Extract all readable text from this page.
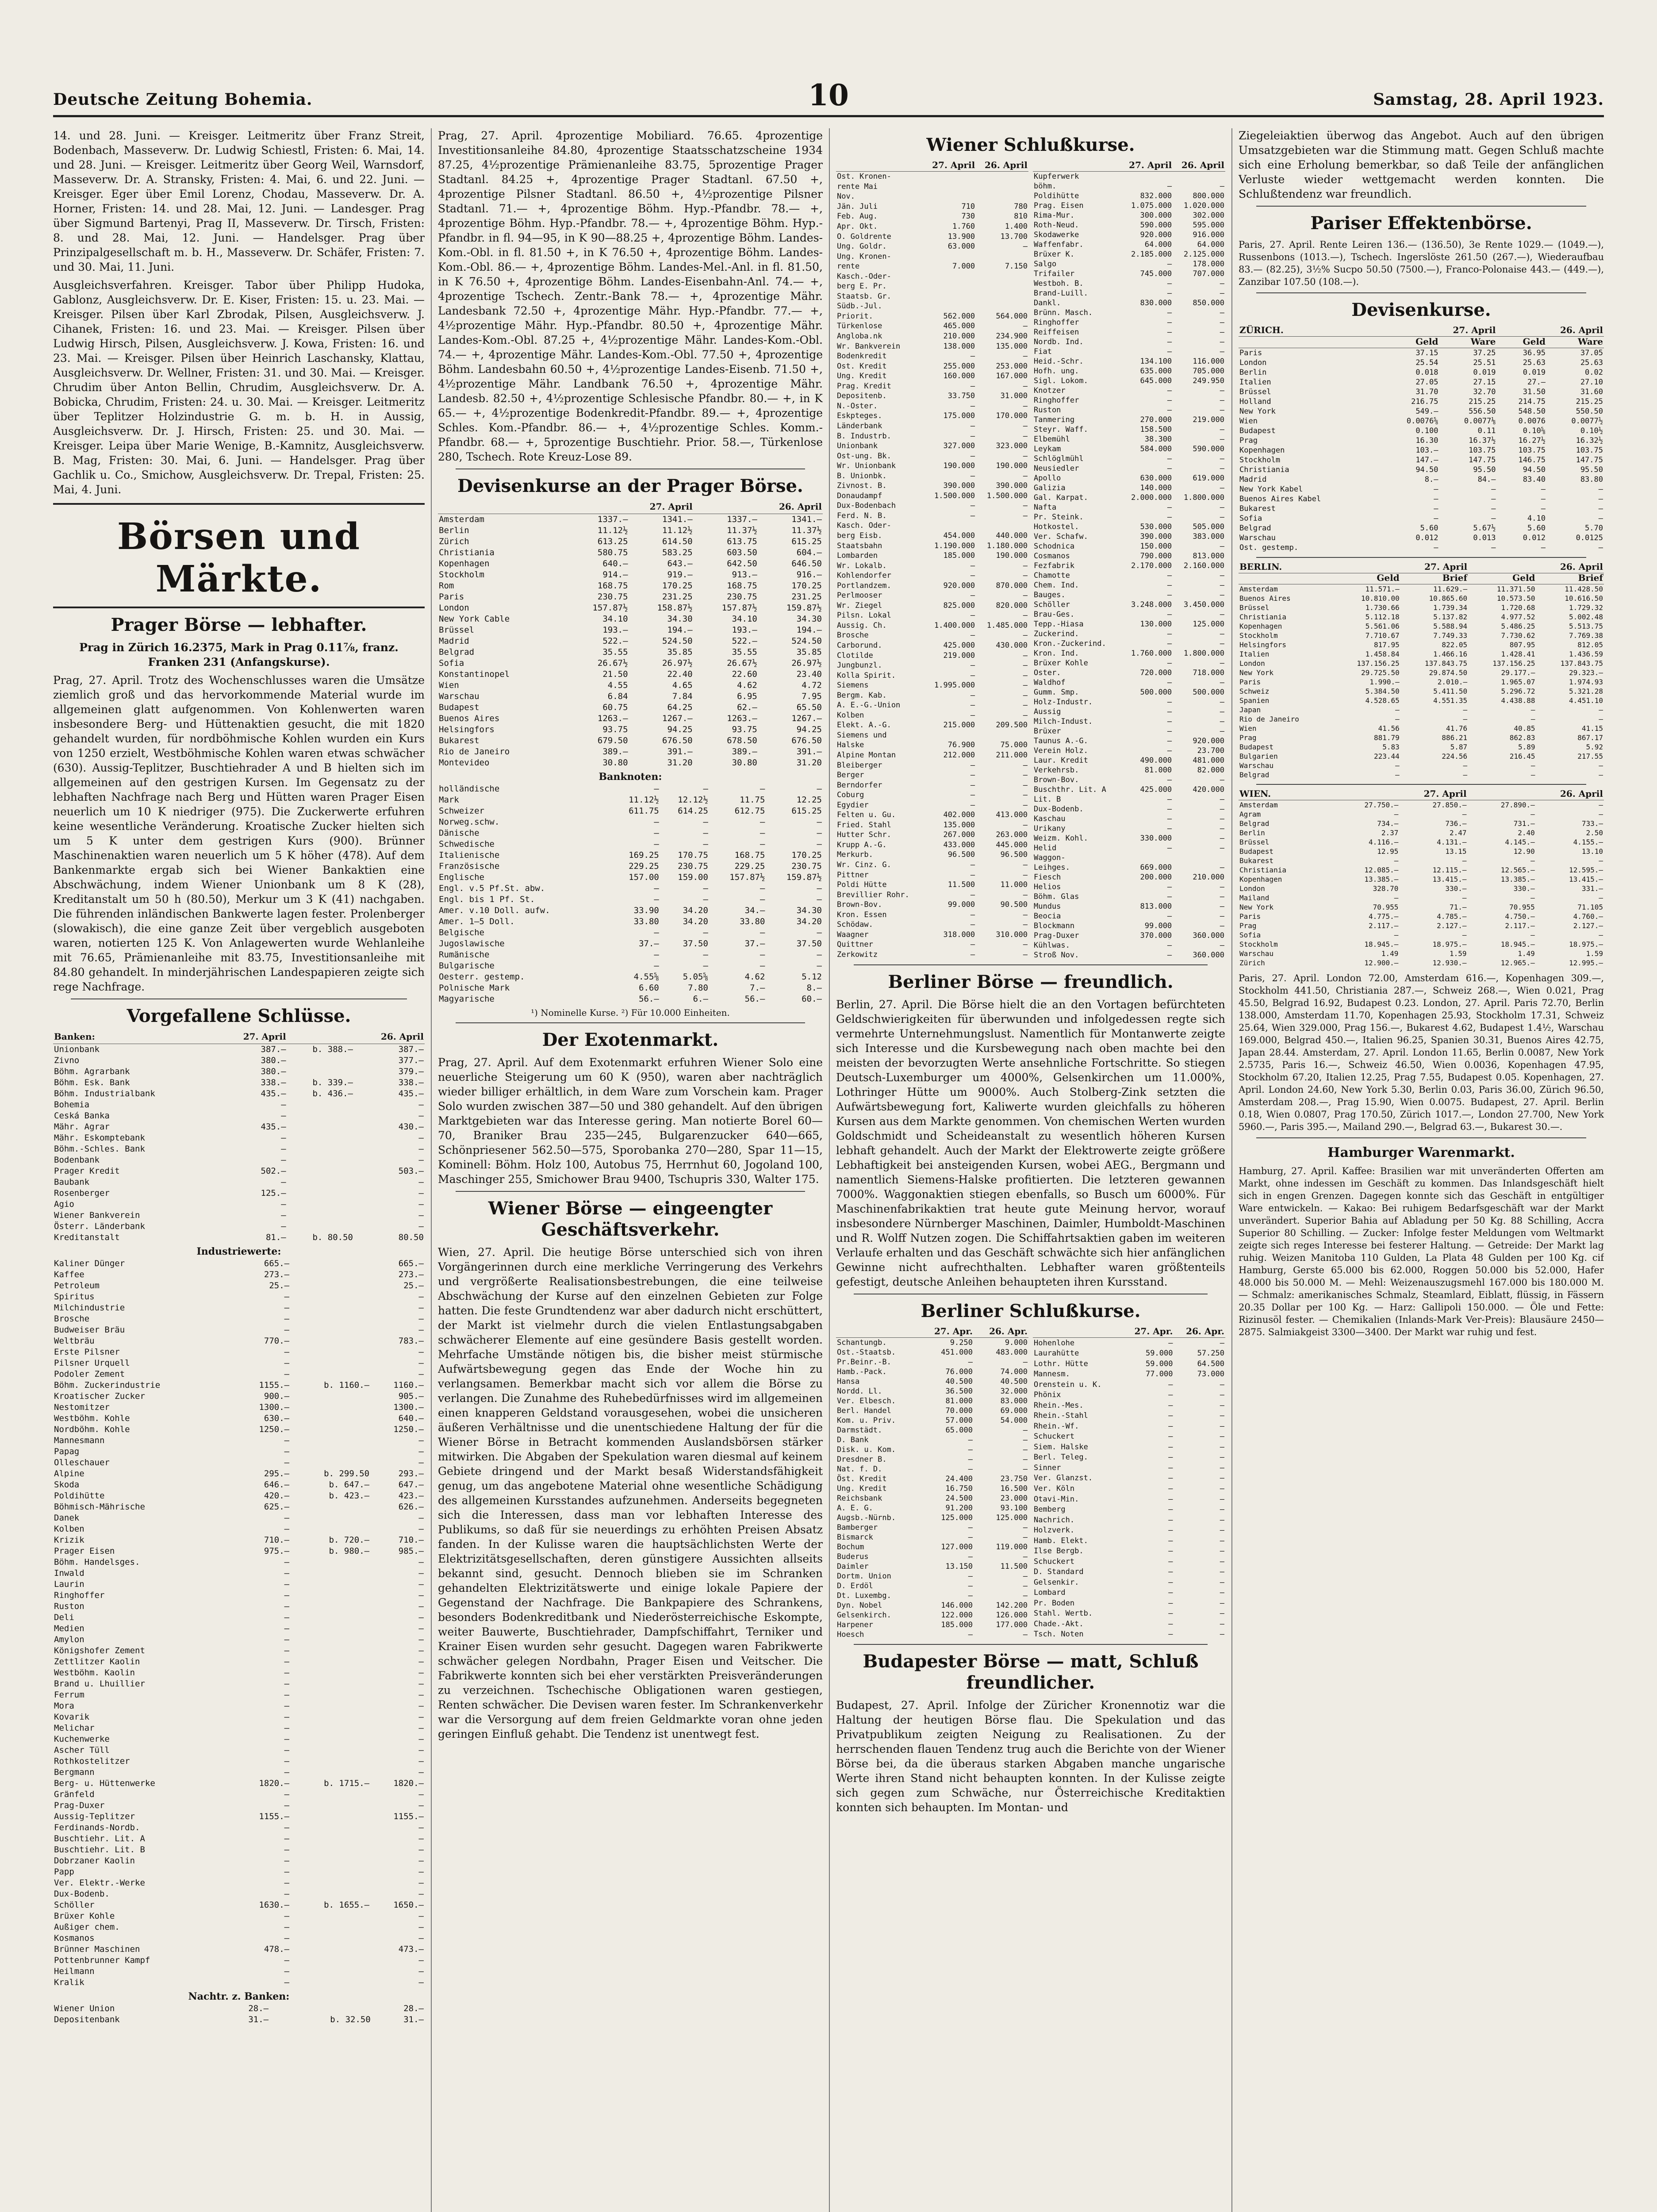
Deutsche Zeitung Bohemia.	10	Samstag, 28. April 1923.

14. und 28. Juni. — Kreisger. Leitmeritz über Franz Streit, Bodenbach, Masseverw. Dr. Ludwig Schiestl, Fristen: 6. Mai, 14. und 28. Juni. — Kreisger. Leitmeritz über Georg Weil, Warnsdorf, Masseverw. Dr. A. Stransky, Fristen: 4. Mai, 6. und 22. Juni. — Kreisger. Eger über Emil Lorenz, Chodau, Masseverw. Dr. A. Horner, Fristen: 14. und 28. Mai, 12. Juni. — Landesger. Prag über Sigmund Bartenyi, Prag II, Masseverw. Dr. Tirsch, Fristen: 8. und 28. Mai, 12. Juni. — Handelsger. Prag über Prinzipalgesellschaft m. b. H., Masseverw. Dr. Schäfer, Fristen: 7. und 30. Mai, 11. Juni.

Ausgleichsverfahren. Kreisger. Tabor über Philipp Hudoka, Gablonz, Ausgleichsverw. Dr. E. Kiser, Fristen: 15. u. 23. Mai. — Kreisger. Pilsen über Karl Zbrodak, Pilsen, Ausgleichsverw. J. Cihanek, Fristen: 16. und 23. Mai. — Kreisger. Pilsen über Ludwig Hirsch, Pilsen, Ausgleichsverw. J. Kowa, Fristen: 16. und 23. Mai. — Kreisger. Pilsen über Heinrich Laschansky, Klattau, Ausgleichsverw. Dr. Wellner, Fristen: 31. und 30. Mai. — Kreisger. Chrudim über Anton Bellin, Chrudim, Ausgleichsverw. Dr. A. Bobicka, Chrudim, Fristen: 24. u. 30. Mai. — Kreisger. Leitmeritz über Teplitzer Holzindustrie G. m. b. H. in Aussig, Ausgleichsverw. Dr. J. Hirsch, Fristen: 25. und 30. Mai. — Kreisger. Leipa über Marie Wenige, B.-Kamnitz, Ausgleichsverw. B. Mag, Fristen: 30. Mai, 6. Juni. — Handelsger. Prag über Gachlik u. Co., Smichow, Ausgleichsverw. Dr. Trepal, Fristen: 25. Mai, 4. Juni.

Börsen und Märkte.
Prager Börse — lebhafter.

Prag in Zürich 16.2375, Mark in Prag 0.11⁷⁄₈, franz. Franken 231 (Anfangskurse).

Prag, 27. April. Trotz des Wochenschlusses waren die Umsätze ziemlich groß und das hervorkommende Material wurde im allgemeinen glatt aufgenommen. Von Kohlenwerten waren insbesondere Berg- und Hüttenaktien gesucht, die mit 1820 gehandelt wurden, für nordböhmische Kohlen wurden ein Kurs von 1250 erzielt, Westböhmische Kohlen waren etwas schwächer (630). Aussig-Teplitzer, Buschtiehrader A und B hielten sich im allgemeinen auf den gestrigen Kursen. Im Gegensatz zu der lebhaften Nachfrage nach Berg und Hütten waren Prager Eisen neuerlich um 10 K niedriger (975). Die Zuckerwerte erfuhren keine wesentliche Veränderung. Kroatische Zucker hielten sich um 5 K unter dem gestrigen Kurs (900). Brünner Maschinenaktien waren neuerlich um 5 K höher (478). Auf dem Bankenmarkte ergab sich bei Wiener Bankaktien eine Abschwächung, indem Wiener Unionbank um 8 K (28), Kreditanstalt um 50 h (80.50), Merkur um 3 K (41) nachgaben. Die führenden inländischen Bankwerte lagen fester. Prolenberger (slowakisch), die eine ganze Zeit über vergeblich ausgeboten waren, notierten 125 K. Von Anlagewerten wurde Wehlanleihe mit 76.65, Prämienanleihe mit 83.75, Investitionsanleihe mit 84.80 gehandelt. In minderjährischen Landespapieren zeigte sich rege Nachfrage.

Vorgefallene Schlüsse.
Banken:	27. April		26. April
Unionbank	387.—	b. 388.—	387.—
Zivno	380.—		377.—
Böhm. Agrarbank	380.—		379.—
Böhm. Esk. Bank	338.—	b. 339.—	338.—
Böhm. Industrialbank	435.—	b. 436.—	435.—
Bohemia	—		—
Ceská Banka	—		—
Mähr. Agrar	435.—		430.—
Mähr. Eskomptebank	—		—
Böhm.-Schles. Bank	—		—
Bodenbank	—		—
Prager Kredit	502.—		503.—
Baubank	—		—
Rosenberger	125.—		—
Agio	—		—
Wiener Bankverein	—		—
Österr. Länderbank	—		—
Kreditanstalt	81.—	b. 80.50	80.50
Industriewerte:
Kaliner Dünger	665.—		665.—
Kaffee	273.—		273.—
Petroleum	25.—		25.—
Spiritus	—		—
Milchindustrie	—		—
Brosche	—		—
Budweiser Bräu	—		—
Weltbräu	770.—		783.—
Erste Pilsner	—		—
Pilsner Urquell	—		—
Podoler Zement	—		—
Böhm. Zuckerindustrie	1155.—	b. 1160.—	1160.—
Kroatischer Zucker	900.—		905.—
Nestomitzer	1300.—		1300.—
Westböhm. Kohle	630.—		640.—
Nordböhm. Kohle	1250.—		1250.—
Mannesmann	—		—
Papag	—		—
Olleschauer	—		—
Alpine	295.—	b. 299.50	293.—
Skoda	646.—	b. 647.—	647.—
Poldihütte	420.—	b. 423.—	423.—
Böhmisch-Mährische	625.—		626.—
Danek	—		—
Kolben	—		—
Krizik	710.—	b. 720.—	710.—
Prager Eisen	975.—	b. 980.—	985.—
Böhm. Handelsges.	—		—
Inwald	—		—
Laurin	—		—
Ringhoffer	—		—
Ruston	—		—
Deli	—		—
Medien	—		—
Amylon	—		—
Königshofer Zement	—		—
Zettlitzer Kaolin	—		—
Westböhm. Kaolin	—		—
Brand u. Lhuillier	—		—
Ferrum	—		—
Mora	—		—
Kovarik	—		—
Melichar	—		—
Kuchenwerke	—		—
Ascher Tüll	—		—
Rothkostelitzer	—		—
Bergmann	—		—
Berg- u. Hüttenwerke	1820.—	b. 1715.—	1820.—
Gränfeld	—		—
Prag-Duxer	—		—
Aussig-Teplitzer	1155.—		1155.—
Ferdinands-Nordb.	—		—
Buschtiehr. Lit. A	—		—
Buschtiehr. Lit. B	—		—
Dobrzaner Kaolin	—		—
Papp	—		—
Ver. Elektr.-Werke	—		—
Dux-Bodenb.	—		—
Schöller	1630.—	b. 1655.—	1650.—
Brüxer Kohle	—		—
Außiger chem.	—		—
Kosmanos	—		—
Brünner Maschinen	478.—		473.—
Pottenbrunner Kampf	—		—
Heilmann	—		—
Kralik	—		—
Nachtr. z. Banken:
Wiener Union	28.—		28.—
Depositenbank	31.—	b. 32.50	31.—

Prag, 27. April. 4prozentige Mobiliard. 76.65. 4prozentige Investitionsanleihe 84.80, 4prozentige Staatsschatzscheine 1934 87.25, 4½prozentige Prämienanleihe 83.75, 5prozentige Prager Stadtanl. 84.25 +, 4prozentige Prager Stadtanl. 67.50 +, 4prozentige Pilsner Stadtanl. 86.50 +, 4½prozentige Pilsner Stadtanl. 71.— +, 4prozentige Böhm. Hyp.-Pfandbr. 78.— +, 4prozentige Böhm. Hyp.-Pfandbr. 78.— +, 4prozentige Böhm. Hyp.-Pfandbr. in fl. 94—95, in K 90—88.25 +, 4prozentige Böhm. Landes-Kom.-Obl. in fl. 81.50 +, in K 76.50 +, 4prozentige Böhm. Landes-Kom.-Obl. 86.— +, 4prozentige Böhm. Landes-Mel.-Anl. in fl. 81.50, in K 76.50 +, 4prozentige Böhm. Landes-Eisenbahn-Anl. 74.— +, 4prozentige Tschech. Zentr.-Bank 78.— +, 4prozentige Mähr. Landesbank 72.50 +, 4prozentige Mähr. Hyp.-Pfandbr. 77.— +, 4½prozentige Mähr. Hyp.-Pfandbr. 80.50 +, 4prozentige Mähr. Landes-Kom.-Obl. 87.25 +, 4½prozentige Mähr. Landes-Kom.-Obl. 74.— +, 4prozentige Mähr. Landes-Kom.-Obl. 77.50 +, 4prozentige Böhm. Landesbahn 60.50 +, 4½prozentige Landes-Eisenb. 71.50 +, 4½prozentige Mähr. Landbank 76.50 +, 4prozentige Mähr. Landesb. 82.50 +, 4½prozentige Schlesische Pfandbr. 80.— +, in K 65.— +, 4½prozentige Bodenkredit-Pfandbr. 89.— +, 4prozentige Schles. Kom.-Pfandbr. 86.— +, 4½prozentige Schles. Komm.-Pfandbr. 68.— +, 5prozentige Buschtiehr. Prior. 58.—, Türkenlose 280, Tschech. Rote Kreuz-Lose 89.

Devisenkurse an der Prager Börse.
	27. April		26. April	
Amsterdam	1337.—	1341.—	1337.—	1341.—
Berlin	11.12½	11.12½	11.37½	11.37½
Zürich	613.25	614.50	613.75	615.25
Christiania	580.75	583.25	603.50	604.—
Kopenhagen	640.—	643.—	642.50	646.50
Stockholm	914.—	919.—	913.—	916.—
Rom	168.75	170.25	168.75	170.25
Paris	230.75	231.25	230.75	231.25
London	157.87½	158.87½	157.87½	159.87½
New York Cable	34.10	34.30	34.10	34.30
Brüssel	193.—	194.—	193.—	194.—
Madrid	522.—	524.50	522.—	524.50
Belgrad	35.55	35.85	35.55	35.85
Sofia	26.67½	26.97½	26.67½	26.97½
Konstantinopel	21.50	22.40	22.60	23.40
Wien	4.55	4.65	4.62	4.72
Warschau	6.84	7.84	6.95	7.95
Budapest	60.75	64.25	62.—	65.50
Buenos Aires	1263.—	1267.—	1263.—	1267.—
Helsingfors	93.75	94.25	93.75	94.25
Bukarest	679.50	676.50	678.50	676.50
Rio de Janeiro	389.—	391.—	389.—	391.—
Montevideo	30.80	31.20	30.80	31.20
Banknoten:
holländische	—	—	—	—
Mark	11.12½	12.12½	11.75	12.25
Schweizer	611.75	614.25	612.75	615.25
Norweg.schw.	—	—	—	—
Dänische	—	—	—	—
Schwedische	—	—	—	—
Italienische	169.25	170.75	168.75	170.25
Französische	229.25	230.75	229.25	230.75
Englische	157.00	159.00	157.87½	159.87½
Engl. v.5 Pf.St. abw.	—	—	—	—
Engl. bis 1 Pf. St.	—	—	—	—
Amer. v.10 Doll. aufw.	33.90	34.20	34.—	34.30
Amer. 1—5 Doll.	33.80	34.20	33.80	34.20
Belgische	—	—	—	—
Jugoslawische	37.—	37.50	37.—	37.50
Rumänische	—	—	—	—
Bulgarische	—	—	—	—
Oesterr. gestemp.	4.55⅝	5.05⅝	4.62	5.12
Polnische Mark	6.60	7.80	7.—	8.—
Magyarische	56.—	6.—	56.—	60.—

¹) Nominelle Kurse. ²) Für 10.000 Einheiten.

Der Exotenmarkt.

Prag, 27. April. Auf dem Exotenmarkt erfuhren Wiener Solo eine neuerliche Steigerung um 60 K (950), waren aber nachträglich wieder billiger erhältlich, in dem Ware zum Vorschein kam. Prager Solo wurden zwischen 387—50 und 380 gehandelt. Auf den übrigen Marktgebieten war das Interesse gering. Man notierte Borel 60—70, Braniker Brau 235—245, Bulgarenzucker 640—665, Schönpriesener 562.50—575, Sporobanka 270—280, Spar 11—15, Kominell: Böhm. Holz 100, Autobus 75, Herrnhut 60, Jogoland 100, Maschinger 255, Smichower Brau 9400, Tschupris 330, Walter 175.

Wiener Börse — eingeengter Geschäftsverkehr.

Wien, 27. April. Die heutige Börse unterschied sich von ihren Vorgängerinnen durch eine merkliche Verringerung des Verkehrs und vergrößerte Realisationsbestrebungen, die eine teilweise Abschwächung der Kurse auf den einzelnen Gebieten zur Folge hatten. Die feste Grundtendenz war aber dadurch nicht erschüttert, der Markt ist vielmehr durch die vielen Entlastungsabgaben schwächerer Elemente auf eine gesündere Basis gestellt worden. Mehrfache Umstände nötigen bis, die bisher meist stürmische Aufwärtsbewegung gegen das Ende der Woche hin zu verlangsamen. Bemerkbar macht sich vor allem die Börse zu verlangen. Die Zunahme des Ruhebedürfnisses wird im allgemeinen einen knapperen Geldstand vorausgesehen, wobei die unsicheren äußeren Verhältnisse und die unentschiedene Haltung der für die Wiener Börse in Betracht kommenden Auslandsbörsen stärker mitwirken. Die Abgaben der Spekulation waren diesmal auf keinem Gebiete dringend und der Markt besaß Widerstandsfähigkeit genug, um das angebotene Material ohne wesentliche Schädigung des allgemeinen Kursstandes aufzunehmen. Anderseits begegneten sich die Interessen, dass man vor lebhaften Interesse des Publikums, so daß für sie neuerdings zu erhöhten Preisen Absatz fanden. In der Kulisse waren die hauptsächlichsten Werte der Elektrizitätsgesellschaften, deren günstigere Aussichten allseits bekannt sind, gesucht. Dennoch blieben sie im Schranken gehandelten Elektrizitätswerte und einige lokale Papiere der Gegenstand der Nachfrage. Die Bankpapiere des Schrankens, besonders Bodenkreditbank und Niederösterreichische Eskompte, weiter Bauwerte, Buschtiehrader, Dampfschiffahrt, Terniker und Krainer Eisen wurden sehr gesucht. Dagegen waren Fabrikwerte schwächer gelegen Nordbahn, Prager Eisen und Veitscher. Die Fabrikwerte konnten sich bei eher verstärkten Preisveränderungen zu verzeichnen. Tschechische Obligationen waren gestiegen, Renten schwächer. Die Devisen waren fester. Im Schrankenverkehr war die Versorgung auf dem freien Geldmarkte voran ohne jeden geringen Einfluß gehabt. Die Tendenz ist unentwegt fest.

Wiener Schlußkurse.
	27. April	26. April
Ost. Kronen-		
rente Mai		
Nov.		
Jän. Juli	710	780
Feb. Aug.	730	810
Apr. Okt.	1.760	1.400
O. Goldrente	13.900	13.700
Ung. Goldr.	63.000	—
Ung. Kronen-		
rente	7.000	7.150
Kasch.-Oder-		
berg E. Pr.		
Staatsb. Gr.		
Südb.-Jul.		
Priorit.	562.000	564.000
Türkenlose	465.000	—
Angloba.nk	210.000	234.900
Wr. Bankverein	138.000	135.000
Bodenkredit	—	—
Ost. Kredit	255.000	253.000
Ung. Kredit	160.000	167.000
Prag. Kredit	—	—
Depositenb.	33.750	31.000
N.-Oster.	—	—
Eskpteges.	175.000	170.000
Länderbank	—	—
B. Industrb.	—	—
Unionbank	327.000	323.000
Ost-ung. Bk.	—	—
Wr. Unionbank	190.000	190.000
B. Unionbk.	—	—
Zivnost. B.	390.000	390.000
Donaudampf	1.500.000	1.500.000
Dux-Bodenbach	—	—
Ferd. N. B.	—	—
Kasch. Oder-		
berg Eisb.	454.000	440.000
Staatsbahn	1.190.000	1.180.000
Lombarden	185.000	190.000
Wr. Lokalb.	—	—
Kohlendorfer	—	—
Portlandzem.	920.000	870.000
Perlmooser	—	—
Wr. Ziegel	825.000	820.000
Pilsn. Lokal	—	—
Aussig. Ch.	1.400.000	1.485.000
Brosche	—	—
Carborund.	425.000	430.000
Clotilde	219.000	—
Jungbunzl.	—	—
Kolla Spirit.	—	—
Siemens	1.995.000	—
Bergm. Kab.	—	—
A. E.-G.-Union	—	—
Kolben	—	—
Elekt. A.-G.	215.000	209.500
Siemens und		
Halske	76.900	75.000
Alpine Montan	212.000	211.000
Bleiberger	—	—
Berger	—	—
Berndorfer	—	—
Coburg	—	—
Egydier	—	—
Felten u. Gu.	402.000	413.000
Fried. Stahl	135.000	—
Hutter Schr.	267.000	263.000
Krupp A.-G.	433.000	445.000
Merkurb.	96.500	96.500
Wr. Cinz. G.	—	—
Pittner	—	—
Poldi Hütte	11.500	11.000
Brevillier Rohr.	—	—
Brown-Bov.	99.000	90.500
Kron. Essen	—	—
Schödaw.	—	—
Waagner	318.000	310.000
Quittner	—	—
Zerkowitz	—	—
	27. April	26. April
Kupferwerk		
böhm.	—	—
Poldihütte	832.000	800.000
Prag. Eisen	1.075.000	1.020.000
Rima-Mur.	300.000	302.000
Roth-Neud.	590.000	595.000
Skodawerke	920.000	916.000
Waffenfabr.	64.000	64.000
Brüxer K.	2.185.000	2.125.000
Salgo	—	178.000
Trifailer	745.000	707.000
Westboh. B.	—	—
Brand-Luill.	—	—
Dankl.	830.000	850.000
Brünn. Masch.	—	—
Ringhoffer	—	—
Reiffeisen	—	—
Nordb. Ind.	—	—
Fiat	—	—
Heid.-Schr.	134.100	116.000
Hofh. ung.	635.000	705.000
Sigl. Lokom.	645.000	249.950
Knotzer	—	—
Ringhoffer	—	—
Ruston	—	—
Tanmering	270.000	219.000
Steyr. Waff.	158.500	—
Elbemühl	38.300	—
Leykam	584.000	590.000
Schlöglmühl	—	—
Neusiedler	—	—
Apollo	630.000	619.000
Galizia	140.000	—
Gal. Karpat.	2.000.000	1.800.000
Nafta	—	—
Pr. Steink.	—	—
Hotkostel.	530.000	505.000
Ver. Schafw.	390.000	383.000
Schodnica	150.000	—
Cosmanos	790.000	813.000
Fezfabrik	2.170.000	2.160.000
Chamotte	—	—
Chem. Ind.	—	—
Bauges.	—	—
Schöller	3.248.000	3.450.000
Brau-Ges.	—	—
Tepp.-Hiasa	130.000	125.000
Zuckerind.	—	—
Kron.-Zuckerind.	—	—
Kron. Ind.	1.760.000	1.800.000
Brüxer Kohle	—	—
Oster.	720.000	718.000
Waldhof	—	—
Gumm. Smp.	500.000	500.000
Holz-Industr.	—	—
Aussig	—	—
Milch-Indust.	—	—
Brüxer	—	—
Taunus A.-G.	—	920.000
Verein Holz.	—	23.700
Laur. Kredit	490.000	481.000
Verkehrsb.	81.000	82.000
Brown-Bov.	—	—
Buschthr. Lit. A	425.000	420.000
Lit. B	—	—
Dux-Bodenb.	—	—
Kaschau	—	—
Urikany	—	—
Weizm. Kohl.	330.000	—
Helid	—	—
Waggon-		
Leihges.	669.000	—
Fiesch	200.000	210.000
Helios	—	—
Böhm. Glas	—	—
Mundus	813.000	—
Beocia	—	—
Blockmann	99.000	—
Prag-Duxer	370.000	360.000
Kühlwas.	—	—
Stroß Nov.	—	360.000
Berliner Börse — freundlich.

Berlin, 27. April. Die Börse hielt die an den Vortagen befürchteten Geldschwierigkeiten für überwunden und infolgedessen regte sich vermehrte Unternehmungslust. Namentlich für Montanwerte zeigte sich Interesse und die Kursbewegung nach oben machte bei den meisten der bevorzugten Werte ansehnliche Fortschritte. So stiegen Deutsch-Luxemburger um 4000%, Gelsenkirchen um 11.000%, Lothringer Hütte um 9000%. Auch Stolberg-Zink setzten die Aufwärtsbewegung fort, Kaliwerte wurden gleichfalls zu höheren Kursen aus dem Markte genommen. Von chemischen Werten wurden Goldschmidt und Scheideanstalt zu wesentlich höheren Kursen lebhaft gehandelt. Auch der Markt der Elektrowerte zeigte größere Lebhaftigkeit bei ansteigenden Kursen, wobei AEG., Bergmann und namentlich Siemens-Halske profitierten. Die letzteren gewannen 7000%. Waggonaktien stiegen ebenfalls, so Busch um 6000%. Für Maschinenfabrikaktien trat heute gute Meinung hervor, worauf insbesondere Nürnberger Maschinen, Daimler, Humboldt-Maschinen und R. Wolff Nutzen zogen. Die Schiffahrtsaktien gaben im weiteren Verlaufe erhalten und das Geschäft schwächte sich hier anfänglichen Gewinne nicht aufrechthalten. Lebhafter waren größtenteils gefestigt, deutsche Anleihen behaupteten ihren Kursstand.

Berliner Schlußkurse.
	27. Apr.	26. Apr.
Schantungb.	9.250	9.000
Ost.-Staatsb.	451.000	483.000
Pr.Beinr.-B.	—	—
Hamb.-Pack.	76.000	74.000
Hansa	40.500	40.500
Nordd. Ll.	36.500	32.000
Ver. Elbesch.	81.000	83.000
Berl. Handel	70.000	69.000
Kom. u. Priv.	57.000	54.000
Darmstädt.	65.000	—
D. Bank	—	—
Disk. u. Kom.	—	—
Dresdner B.	—	—
Nat. f. D.	—	—
Öst. Kredit	24.400	23.750
Ung. Kredit	16.750	16.500
Reichsbank	24.500	23.000
A. E. G.	91.200	93.100
Augsb.-Nürnb.	125.000	125.000
Bamberger	—	—
Bismarck	—	—
Bochum	127.000	119.000
Buderus	—	—
Daimler	13.150	11.500
Dortm. Union	—	—
D. Erdöl	—	—
Dt. Luxembg.	—	—
Dyn. Nobel	146.000	142.200
Gelsenkirch.	122.000	126.000
Harpener	185.000	177.000
Hoesch	—	—
	27. Apr.	26. Apr.
Hohenlohe	—	—
Laurahütte	59.000	57.250
Lothr. Hütte	59.000	64.500
Mannesm.	77.000	73.000
Orenstein u. K.	—	—
Phönix	—	—
Rhein.-Mes.	—	—
Rhein.-Stahl	—	—
Rhein.-Wf.	—	—
Schuckert	—	—
Siem. Halske	—	—
Berl. Teleg.	—	—
Sinner	—	—
Ver. Glanzst.	—	—
Ver. Köln	—	—
Otavi-Min.	—	—
Bemberg	—	—
Nachrich.	—	—
Holzverk.	—	—
Hamb. Elekt.	—	—
Ilse Bergb.	—	—
Schuckert	—	—
D. Standard	—	—
Gelsenkir.	—	—
Lombard	—	—
Pr. Boden	—	—
Stahl. Wertb.	—	—
Chade.-Akt.	—	—
Tsch. Noten	—	—
Budapester Börse — matt, Schluß freundlicher.

Budapest, 27. April. Infolge der Züricher Kronennotiz war die Haltung der heutigen Börse flau. Die Spekulation und das Privatpublikum zeigten Neigung zu Realisationen. Zu der herrschenden flauen Tendenz trug auch die Berichte von der Wiener Börse bei, da die überaus starken Abgaben manche ungarische Werte ihren Stand nicht behaupten konnten. In der Kulisse zeigte sich gegen zum Schwäche, nur Österreichische Kreditaktien konnten sich behaupten. Im Montan- und

Ziegeleiaktien überwog das Angebot. Auch auf den übrigen Umsatzgebieten war die Stimmung matt. Gegen Schluß machte sich eine Erholung bemerkbar, so daß Teile der anfänglichen Verluste wieder wettgemacht werden konnten. Die Schlußtendenz war freundlich.

Pariser Effektenbörse.

Paris, 27. April. Rente Leiren 136.— (136.50), 3e Rente 1029.— (1049.—), Russenbons (1013.—), Tschech. Ingerslöste 261.50 (267.—), Wiederaufbau 83.— (82.25), 3½% Sucpo 50.50 (7500.—), Franco-Polonaise 443.— (449.—), Zanzibar 107.50 (108.—).

Devisenkurse.
ZÜRICH.	27. April		26. April	
	Geld	Ware	Geld	Ware
Paris	37.15	37.25	36.95	37.05
London	25.54	25.51	25.63	25.63
Berlin	0.018	0.019	0.019	0.02
Italien	27.05	27.15	27.—	27.10
Brüssel	31.70	32.70	31.50	31.60
Holland	216.75	215.25	214.75	215.25
New York	549.—	556.50	548.50	550.50
Wien	0.0076⅝	0.0077⅛	0.0076	0.0077½
Budapest	0.100	0.11	0.10⅝	0.10½
Prag	16.30	16.37½	16.27½	16.32½
Kopenhagen	103.—	103.75	103.75	103.75
Stockholm	147.—	147.75	146.75	147.75
Christiania	94.50	95.50	94.50	95.50
Madrid	8.—	84.—	83.40	83.80
New York Kabel	—	—	—	—
Buenos Aires Kabel	—	—	—	—
Bukarest	—	—	—	—
Sofia	—	—	4.10	—
Belgrad	5.60	5.67½	5.60	5.70
Warschau	0.012	0.013	0.012	0.0125
Ost. gestemp.	—	—	—	—
BERLIN.	27. April		26. April	
	Geld	Brief	Geld	Brief
Amsterdam	11.571.—	11.629.—	11.371.50	11.428.50
Buenos Aires	10.810.00	10.865.60	10.573.50	10.616.50
Brüssel	1.730.66	1.739.34	1.720.68	1.729.32
Christiania	5.112.18	5.137.82	4.977.52	5.002.48
Kopenhagen	5.561.06	5.588.94	5.486.25	5.513.75
Stockholm	7.710.67	7.749.33	7.730.62	7.769.38
Helsingfors	817.95	822.05	807.95	812.05
Italien	1.458.84	1.466.16	1.428.41	1.436.59
London	137.156.25	137.843.75	137.156.25	137.843.75
New York	29.725.50	29.874.50	29.177.—	29.323.—
Paris	1.990.—	2.010.—	1.965.07	1.974.93
Schweiz	5.384.50	5.411.50	5.296.72	5.321.28
Spanien	4.528.65	4.551.35	4.438.88	4.451.10
Japan	—	—	—	—
Rio de Janeiro	—	—	—	—
Wien	41.56	41.76	40.85	41.15
Prag	881.79	886.21	862.83	867.17
Budapest	5.83	5.87	5.89	5.92
Bulgarien	223.44	224.56	216.45	217.55
Warschau	—	—	—	—
Belgrad	—	—	—	—
WIEN.	27. April		26. April	
Amsterdam	27.750.—	27.850.—	27.890.—	—
Agram	—	—	—	—
Belgrad	734.—	736.—	731.—	733.—
Berlin	2.37	2.47	2.40	2.50
Brüssel	4.116.—	4.131.—	4.145.—	4.155.—
Budapest	12.95	13.15	12.90	13.10
Bukarest	—	—	—	—
Christiania	12.085.—	12.115.—	12.565.—	12.595.—
Kopenhagen	13.385.—	13.415.—	13.385.—	13.415.—
London	328.70	330.—	330.—	331.—
Mailand	—	—	—	—
New York	70.955	71.—	70.955	71.105
Paris	4.775.—	4.785.—	4.750.—	4.760.—
Prag	2.117.—	2.127.—	2.117.—	2.127.—
Sofia	—	—	—	—
Stockholm	18.945.—	18.975.—	18.945.—	18.975.—
Warschau	1.49	1.59	1.49	1.59
Zürich	12.900.—	12.930.—	12.965.—	12.995.—

Paris, 27. April. London 72.00, Amsterdam 616.—, Kopenhagen 309.—, Stockholm 441.50, Christiania 287.—, Schweiz 268.—, Wien 0.021, Prag 45.50, Belgrad 16.92, Budapest 0.23. London, 27. April. Paris 72.70, Berlin 138.000, Amsterdam 11.70, Kopenhagen 25.93, Stockholm 17.31, Schweiz 25.64, Wien 329.000, Prag 156.—, Bukarest 4.62, Budapest 1.4½, Warschau 169.000, Belgrad 450.—, Italien 96.25, Spanien 30.31, Buenos Aires 42.75, Japan 28.44. Amsterdam, 27. April. London 11.65, Berlin 0.0087, New York 2.5735, Paris 16.—, Schweiz 46.50, Wien 0.0036, Kopenhagen 47.95, Stockholm 67.20, Italien 12.25, Prag 7.55, Budapest 0.05. Kopenhagen, 27. April. London 24.60, New York 5.30, Berlin 0.03, Paris 36.00, Zürich 96.50, Amsterdam 208.—, Prag 15.90, Wien 0.0075. Budapest, 27. April. Berlin 0.18, Wien 0.0807, Prag 170.50, Zürich 1017.—, London 27.700, New York 5960.—, Paris 395.—, Mailand 290.—, Belgrad 63.—, Bukarest 30.—.

Hamburger Warenmarkt.

Hamburg, 27. April. Kaffee: Brasilien war mit unveränderten Offerten am Markt, ohne indessen im Geschäft zu kommen. Das Inlandsgeschäft hielt sich in engen Grenzen. Dagegen konnte sich das Geschäft in entgültiger Ware entwickeln. — Kakao: Bei ruhigem Bedarfsgeschäft war der Markt unverändert. Superior Bahia auf Abladung per 50 Kg. 88 Schilling, Accra Superior 80 Schilling. — Zucker: Infolge fester Meldungen vom Weltmarkt zeigte sich reges Interesse bei festerer Haltung. — Getreide: Der Markt lag ruhig. Weizen Manitoba 110 Gulden, La Plata 48 Gulden per 100 Kg. cif Hamburg, Gerste 65.000 bis 62.000, Roggen 50.000 bis 52.000, Hafer 48.000 bis 50.000 M. — Mehl: Weizenauszugsmehl 167.000 bis 180.000 M. — Schmalz: amerikanisches Schmalz, Steamlard, Eiblatt, flüssig, in Fässern 20.35 Dollar per 100 Kg. — Harz: Gallipoli 150.000. — Öle und Fette: Rizinusöl fester. — Chemikalien (Inlands-Mark Ver-Preis): Blausäure 2450—2875. Salmiakgeist 3300—3400. Der Markt war ruhig und fest.
